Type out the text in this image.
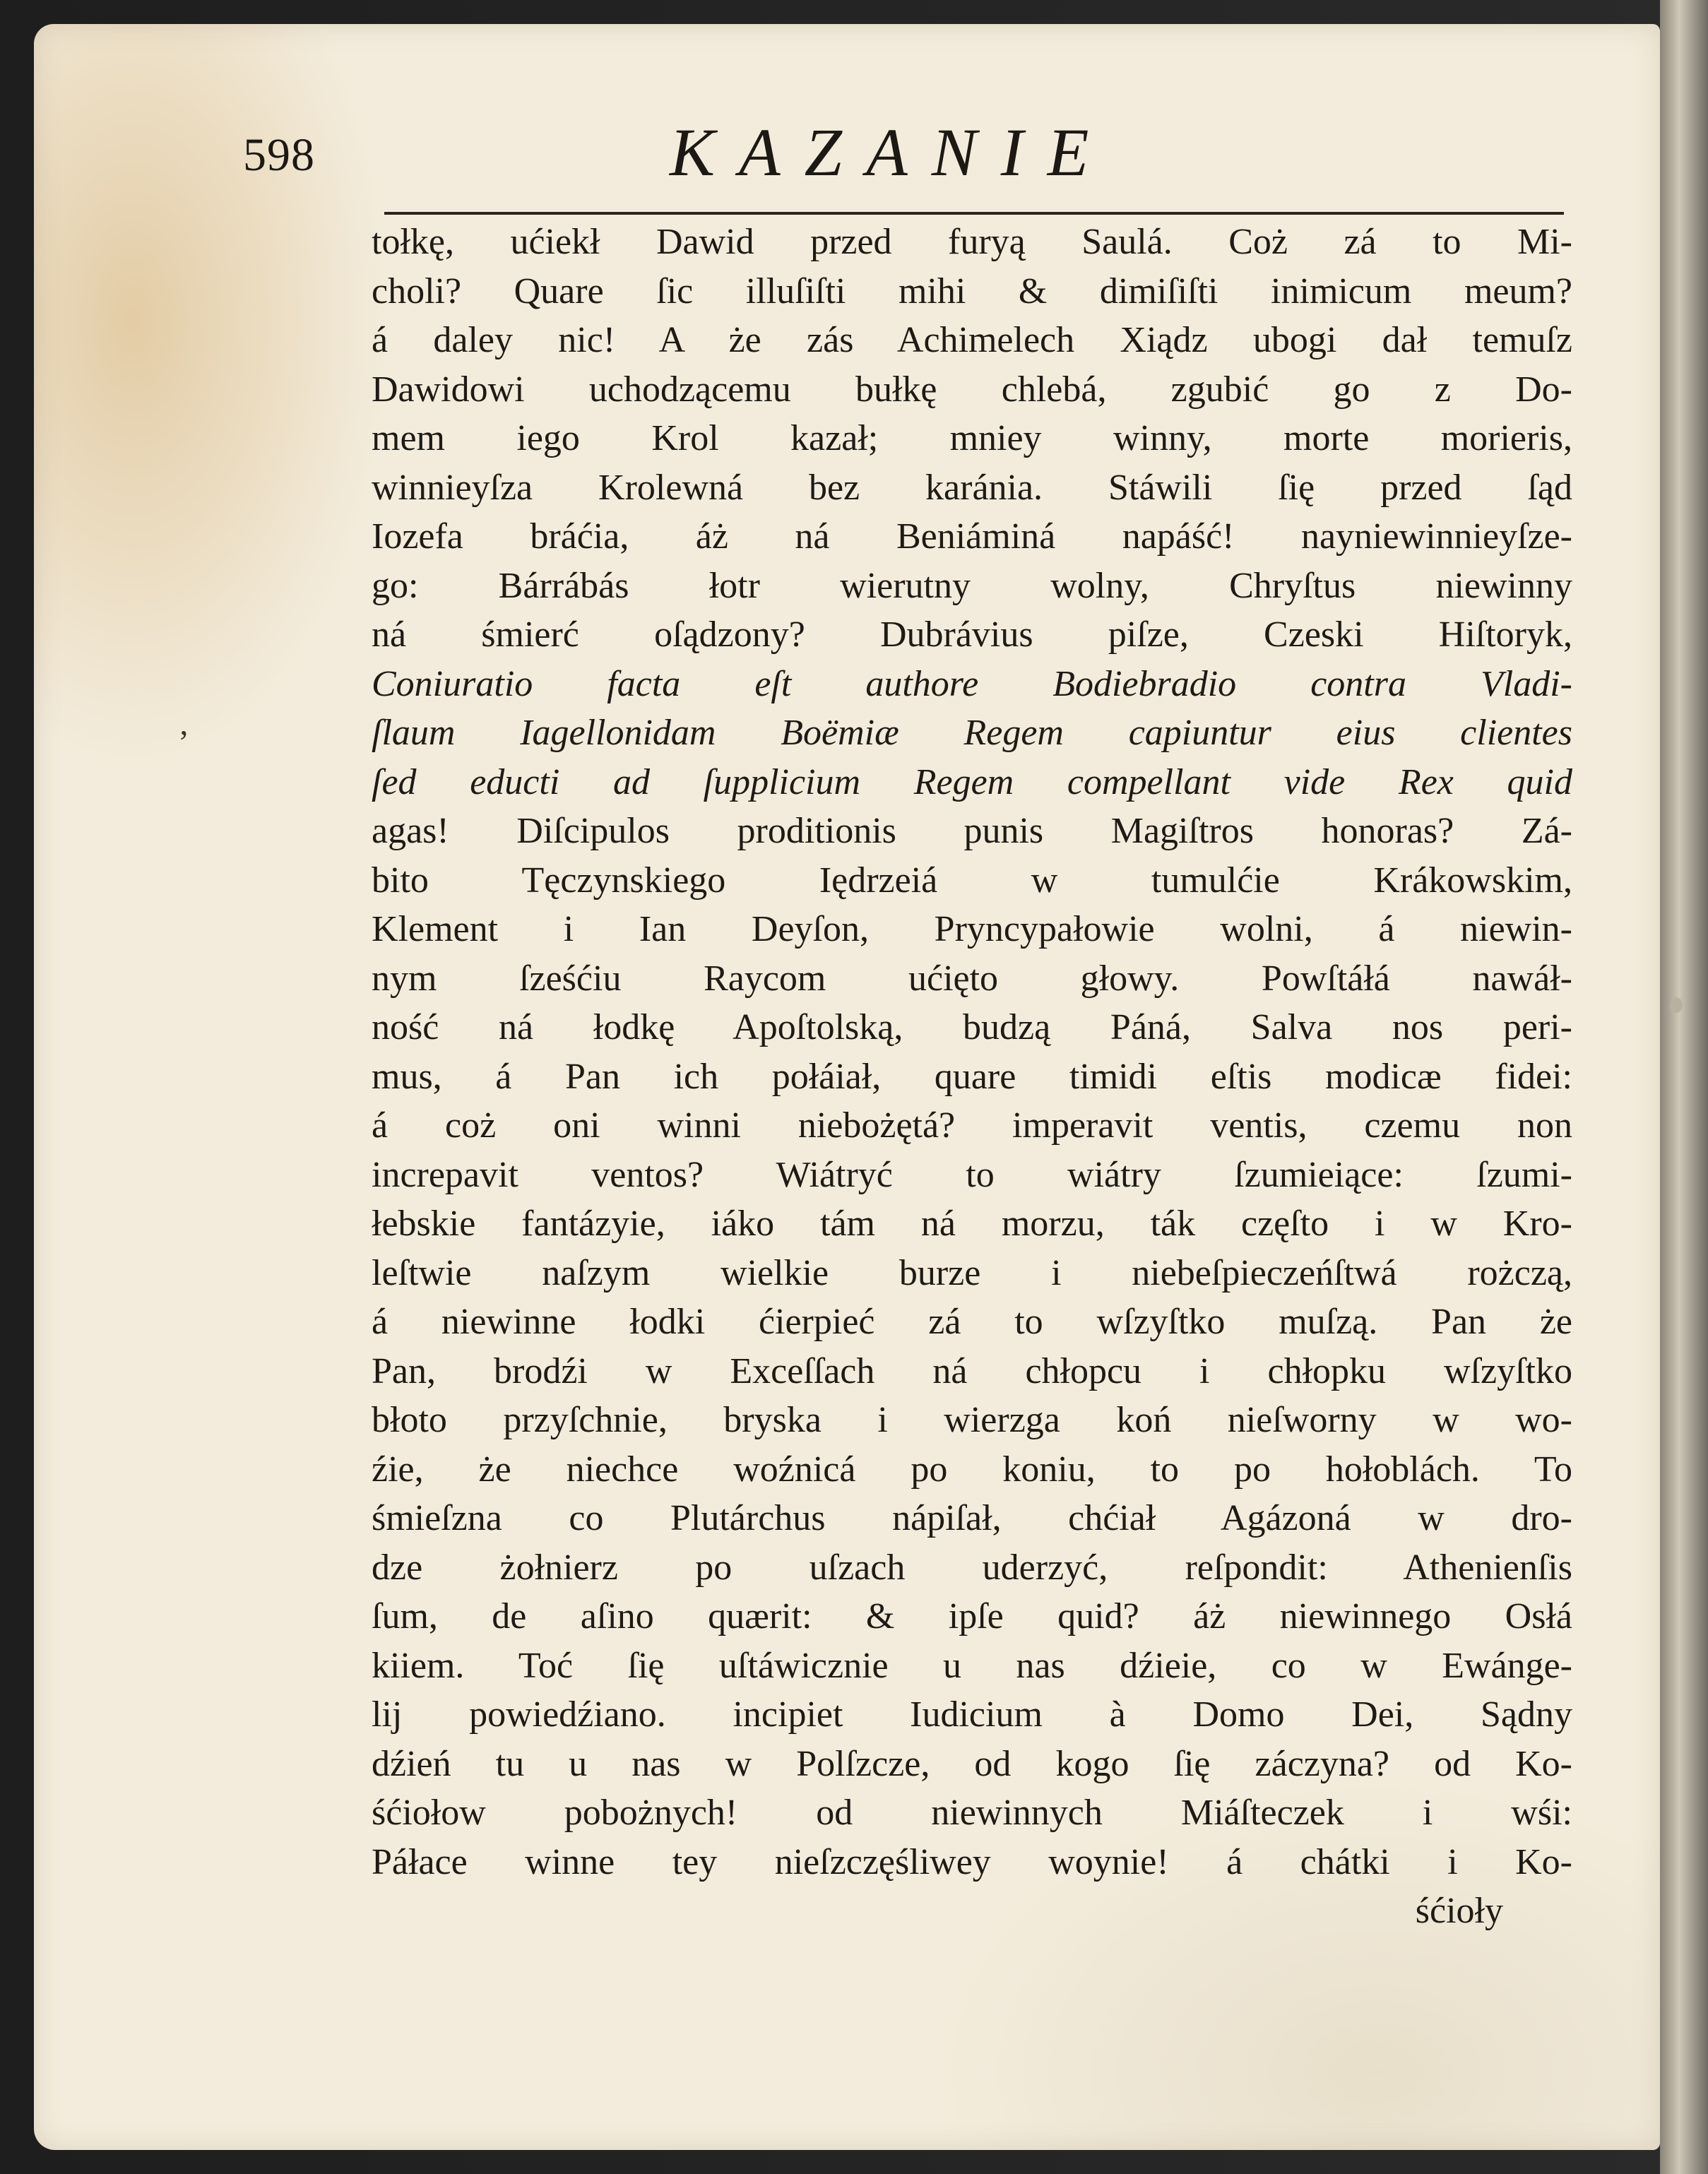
598	KAZANIE
ʼ
tołkę, ućiekł Dawid przed furyą Saulá. Coż zá to Mi-
choli? Quare ſic illuſiſti mihi & dimiſiſti inimicum meum?
á daley nic! A że zás Achimelech Xiądz ubogi dał temuſz
Dawidowi uchodzącemu bułkę chlebá, zgubić go z Do-
mem iego Krol kazał; mniey winny, morte morieris,
winnieyſza Krolewná bez karánia. Stáwili ſię przed ſąd
Iozefa bráćia, áż ná Beniáminá napáść! nayniewinnieyſze-
go: Bárrábás łotr wierutny wolny, Chryſtus niewinny
ná śmierć oſądzony? Dubrávius piſze, Czeski Hiſtoryk,
Coniuratio facta eſt authore Bodiebradio contra Vladi-
ſlaum Iagellonidam Boëmiæ Regem capiuntur eius clientes
ſed educti ad ſupplicium Regem compellant vide Rex quid
agas! Diſcipulos proditionis punis Magiſtros honoras? Zá-
bito Tęczynskiego Iędrzeiá w tumulćie Krákowskim,
Klement i Ian Deyſon, Pryncypałowie wolni, á niewin-
nym ſześćiu Raycom ućięto głowy. Powſtáłá nawáł-
ność ná łodkę Apoſtolską, budzą Páná, Salva nos peri-
mus, á Pan ich połáiał, quare timidi eſtis modicæ fidei:
á coż oni winni niebożętá? imperavit ventis, czemu non
increpavit ventos? Wiátryć to wiátry ſzumieiące: ſzumi-
łebskie fantázyie, iáko tám ná morzu, ták częſto i w Kro-
leſtwie naſzym wielkie burze i niebeſpieczeńſtwá rożczą,
á niewinne łodki ćierpieć zá to wſzyſtko muſzą. Pan że
Pan, brodźi w Exceſſach ná chłopcu i chłopku wſzyſtko
błoto przyſchnie, bryska i wierzga koń nieſworny w wo-
źie, że niechce woźnicá po koniu, to po hołoblách. To
śmieſzna co Plutárchus nápiſał, chćiał Agázoná w dro-
dze żołnierz po uſzach uderzyć, reſpondit: Athenienſis
ſum, de aſino quærit: & ipſe quid? áż niewinnego Osłá
kiiem. Toć ſię uſtáwicznie u nas dźieie, co w Ewánge-
lij powiedźiano. incipiet Iudicium à Domo Dei, Sądny
dźień tu u nas w Polſzcze, od kogo ſię záczyna? od Ko-
śćiołow pobożnych! od niewinnych Miáſteczek i wśi:
Páłace winne tey nieſzczęśliwey woynie! á chátki i Ko-
śćioły
